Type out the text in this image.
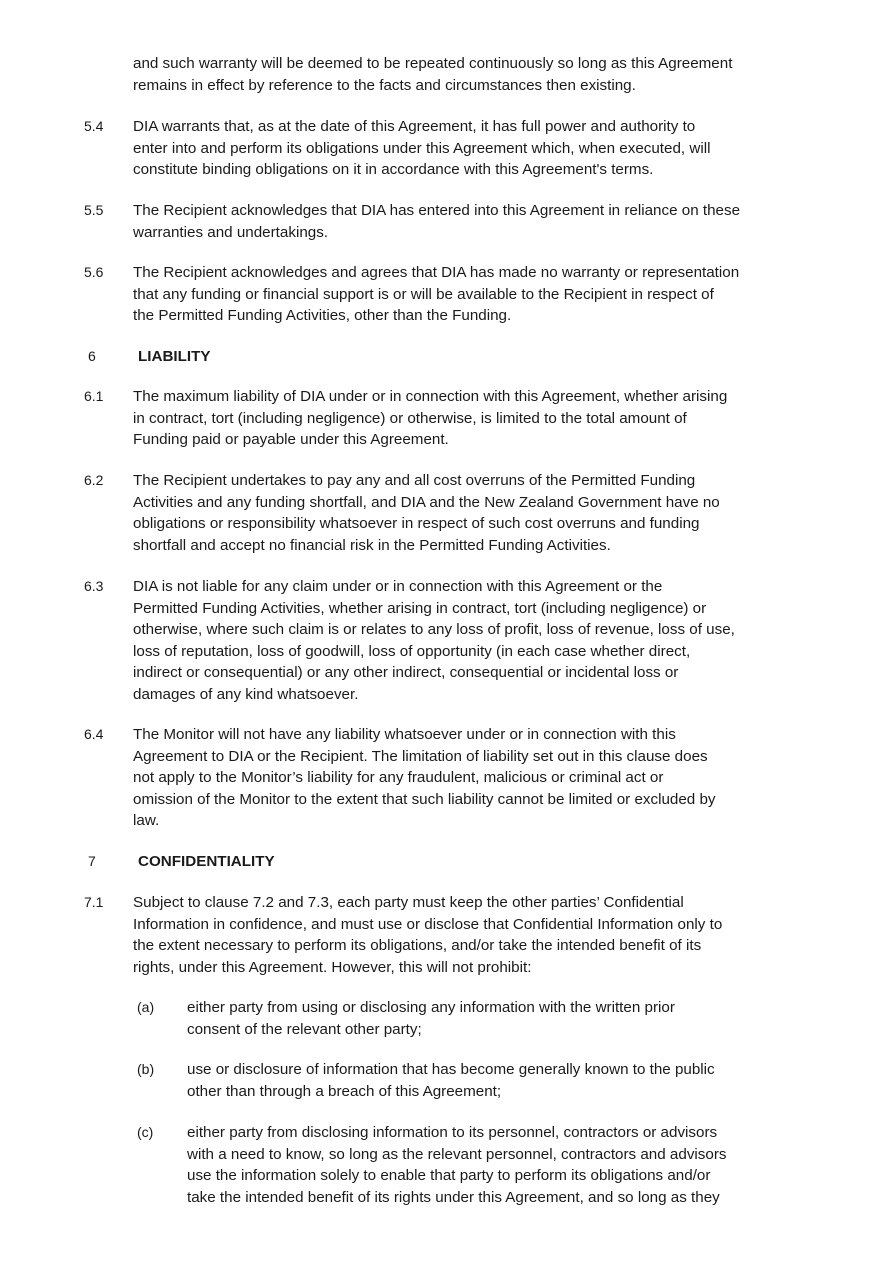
and such warranty will be deemed to be repeated continuously so long as this Agreement
remains in effect by reference to the facts and circumstances then existing.
5.4 DIA warrants that, as at the date of this Agreement, it has full power and authority to
enter into and perform its obligations under this Agreement which, when executed, will
constitute binding obligations on it in accordance with this Agreement's terms.
5.5 The Recipient acknowledges that DIA has entered into this Agreement in reliance on these
warranties and undertakings.
5.6 The Recipient acknowledges and agrees that DIA has made no warranty or representation
that any funding or financial support is or will be available to the Recipient in respect of
the Permitted Funding Activities, other than the Funding.
6	LIABILITY
6.1 The maximum liability of DIA under or in connection with this Agreement, whether arising
in contract, tort (including negligence) or otherwise, is limited to the total amount of
Funding paid or payable under this Agreement.
6.2 The Recipient undertakes to pay any and all cost overruns of the Permitted Funding
Activities and any funding shortfall, and DIA and the New Zealand Government have no
obligations or responsibility whatsoever in respect of such cost overruns and funding
shortfall and accept no financial risk in the Permitted Funding Activities.
6.3 DIA is not liable for any claim under or in connection with this Agreement or the
Permitted Funding Activities, whether arising in contract, tort (including negligence) or
otherwise, where such claim is or relates to any loss of profit, loss of revenue, loss of use,
loss of reputation, loss of goodwill, loss of opportunity (in each case whether direct,
indirect or consequential) or any other indirect, consequential or incidental loss or
damages of any kind whatsoever.
6.4 The Monitor will not have any liability whatsoever under or in connection with this
Agreement to DIA or the Recipient. The limitation of liability set out in this clause does
not apply to the Monitor’s liability for any fraudulent, malicious or criminal act or
omission of the Monitor to the extent that such liability cannot be limited or excluded by
law.
7	CONFIDENTIALITY
7.1 Subject to clause 7.2 and 7.3, each party must keep the other parties’ Confidential
Information in confidence, and must use or disclose that Confidential Information only to
the extent necessary to perform its obligations, and/or take the intended benefit of its
rights, under this Agreement. However, this will not prohibit:
(a) either party from using or disclosing any information with the written prior
consent of the relevant other party;
(b) use or disclosure of information that has become generally known to the public
other than through a breach of this Agreement;
(c) either party from disclosing information to its personnel, contractors or advisors
with a need to know, so long as the relevant personnel, contractors and advisors
use the information solely to enable that party to perform its obligations and/or
take the intended benefit of its rights under this Agreement, and so long as they
